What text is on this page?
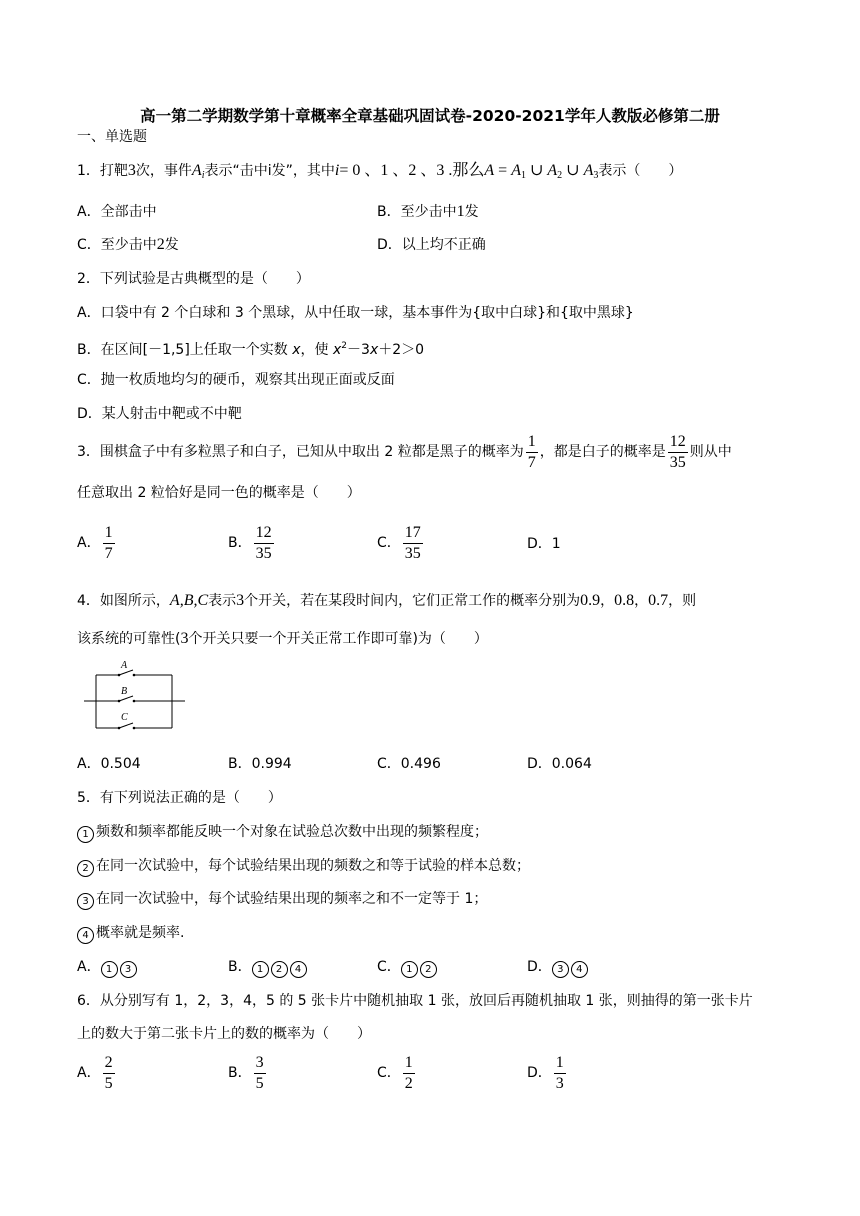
高一第二学期数学第十章概率全章基础巩固试卷-2020-2021学年人教版必修第二册
一、单选题
1．打靶3次，事件$A_i$表示“击中i发”，其中i= 0 、1 、2 、3 .那么$A = A_1$ ∪ $A_2$ ∪ $A_3$表示（　　）
A．全部击中	B．至少击中1发
C．至少击中2发	D．以上均不正确
2．下列试验是古典概型的是（　　）
A．口袋中有 2 个白球和 3 个黑球，从中任取一球，基本事件为{取中白球}和{取中黑球}
B．在区间[－1,5]上任取一个实数 x，使 $x^2-3x+2>0$
C．抛一枚质地均匀的硬币，观察其出现正面或反面
D．某人射击中靶或不中靶
3．围棋盒子中有多粒黑子和白子，已知从中取出 2 粒都是黑子的概率为 $\frac{1}{7}$ ，都是白子的概率是 $\frac{12}{35}$ 则从中
任意取出 2 粒恰好是同一色的概率是（　　）
A． $\frac{1}{7}$	B． $\frac{12}{35}$	C． $\frac{17}{35}$	D．1
4．如图所示，A,B,C表示3个开关，若在某段时间内，它们正常工作的概率分别为0.9，0.8，0.7，则
该系统的可靠性(3个开关只要一个开关正常工作即可靠)为（　　）
A
B
C
A．0.504	B．0.994	C．0.496	D．0.064
5．有下列说法正确的是（　　）
1 频数和频率都能反映一个对象在试验总次数中出现的频繁程度；
2 在同一次试验中，每个试验结果出现的频数之和等于试验的样本总数；
3 在同一次试验中，每个试验结果出现的频率之和不一定等于 1；
4 概率就是频率.
A． 1 3	B． 1 2 4	C． 1 2	D． 3 4
6．从分别写有 1，2，3，4，5 的 5 张卡片中随机抽取 1 张，放回后再随机抽取 1 张，则抽得的第一张卡片
上的数大于第二张卡片上的数的概率为（　　）
A． $\frac{2}{5}$	B． $\frac{3}{5}$	C． $\frac{1}{2}$	D． $\frac{1}{3}$
